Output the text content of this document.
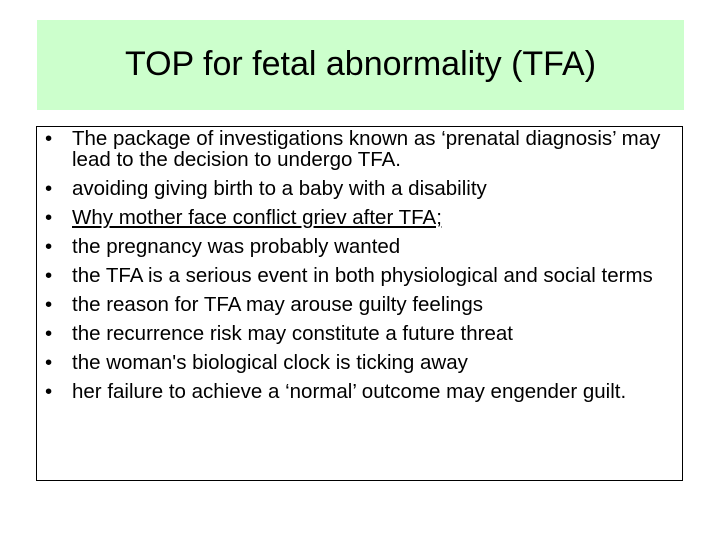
TOP for fetal abnormality (TFA)
• The package of investigations known as ‘prenatal diagnosis’ may lead to the decision to undergo TFA.
• avoiding giving birth to a baby with a disability
• Why mother face conflict griev after TFA;
• the pregnancy was probably wanted
• the TFA is a serious event in both physiological and social terms
• the reason for TFA may arouse guilty feelings
• the recurrence risk may constitute a future threat
• the woman's biological clock is ticking away
• her failure to achieve a ‘normal’ outcome may engender guilt.
